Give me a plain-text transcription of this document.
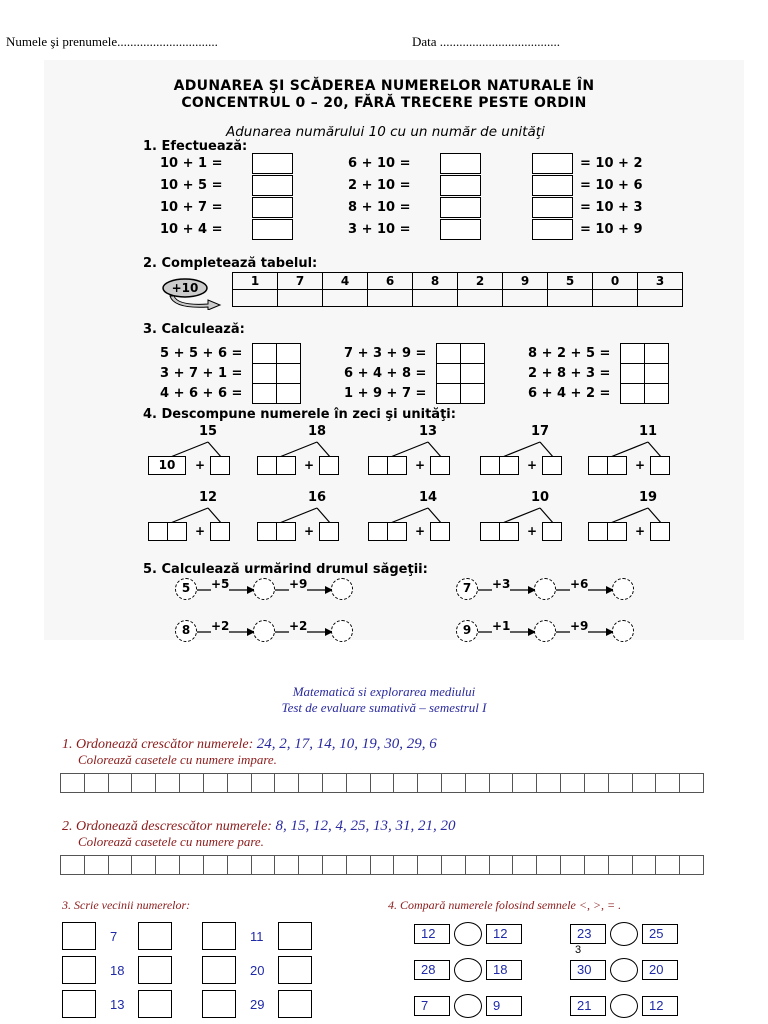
Numele şi prenumele...............................	Data .....................................
ADUNAREA ŞI SCĂDEREA NUMERELOR NATURALE ÎN
CONCENTRUL 0 – 20, FĂRĂ TRECERE PESTE ORDIN
Adunarea numărului 10 cu un număr de unităţi
1. Efectuează:
10 + 1 =	6 + 10 =	= 10 + 2
10 + 5 =	2 + 10 =	= 10 + 6
10 + 7 =	8 + 10 =	= 10 + 3
10 + 4 =	3 + 10 =	= 10 + 9
2. Completează tabelul:
+10	1	7	4	6	8	2	9	5	0	3

3. Calculează:
5 + 5 + 6 =	7 + 3 + 9 =	8 + 2 + 5 =
3 + 7 + 1 =	6 + 4 + 8 =	2 + 8 + 3 =
4 + 6 + 6 =	1 + 9 + 7 =	6 + 4 + 2 =
4. Descompune numerele în zeci şi unităţi:
15
10	+
18
+
13
+
17
+
11
+
12
+
16
+
14
+
10
+
19
+
5. Calculează urmărind drumul săgeţii:
5	+5	+9	7	+3	+6
8	+2	+2	9	+1	+9
Matematică si explorarea mediului
Test de evaluare sumativă – semestrul I
1. Ordonează crescător numerele: 24, 2, 17, 14, 10, 19, 30, 29, 6
Colorează casetele cu numere impare.
2. Ordonează descrescător numerele: 8, 15, 12, 4, 25, 13, 31, 21, 20
Colorează casetele cu numere pare.
3. Scrie vecinii numerelor:	4. Compară numerele folosind semnele <, >, = .
7	11
18	20
13	29
12	12	23	25
28	18	30	20
7	9	21	12
3
